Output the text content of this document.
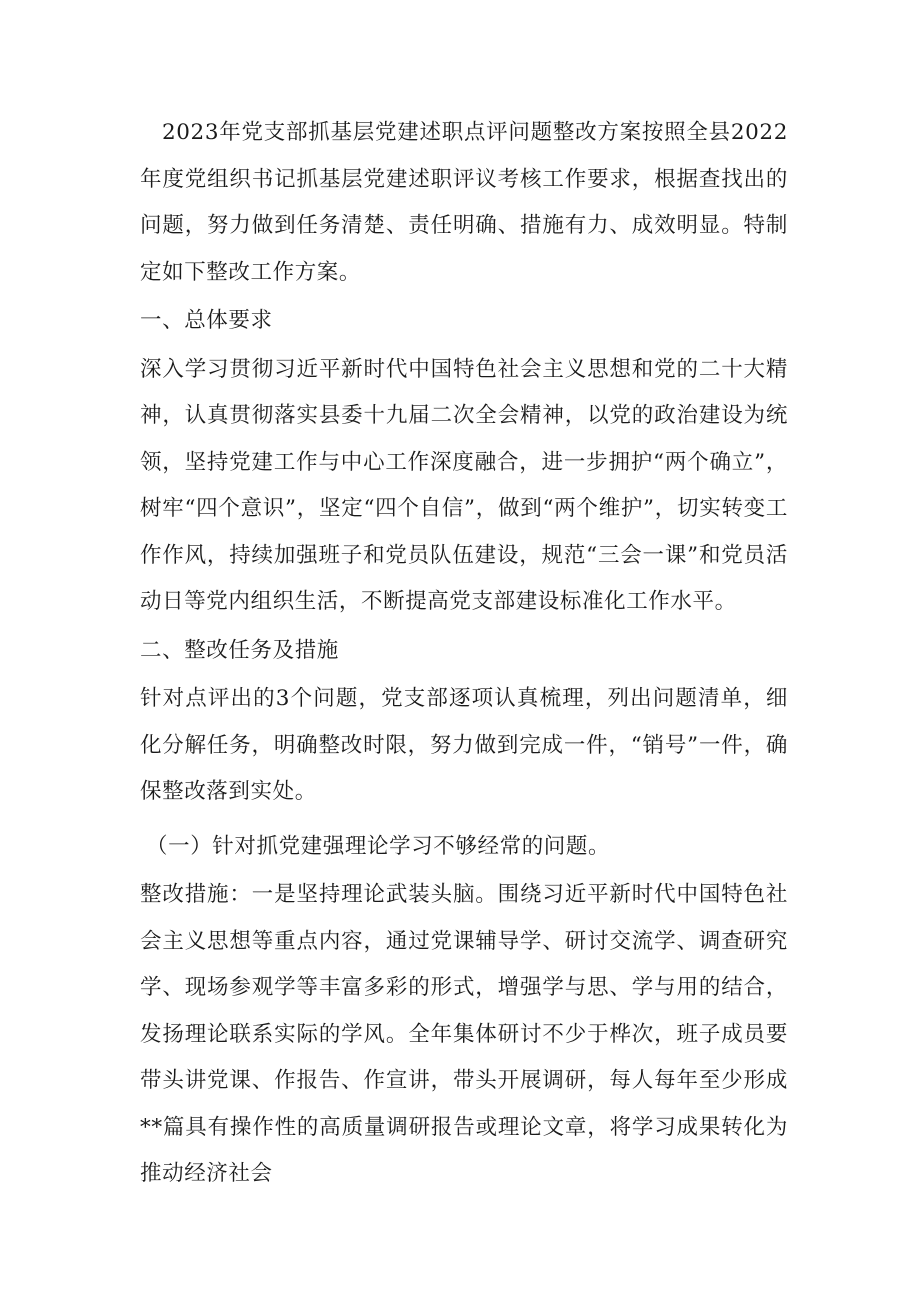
2023年党支部抓基层党建述职点评问题整改方案按照全县2022年度党组织书记抓基层党建述职评议考核工作要求，根据查找出的问题，努力做到任务清楚、责任明确、措施有力、成效明显。特制定如下整改工作方案。

一、总体要求

深入学习贯彻习近平新时代中国特色社会主义思想和党的二十大精神，认真贯彻落实县委十九届二次全会精神，以党的政治建设为统领，坚持党建工作与中心工作深度融合，进一步拥护“两个确立”，树牢“四个意识”，坚定“四个自信”，做到“两个维护”，切实转变工作作风，持续加强班子和党员队伍建设，规范“三会一课”和党员活动日等党内组织生活，不断提高党支部建设标准化工作水平。

二、整改任务及措施

针对点评出的3个问题，党支部逐项认真梳理，列出问题清单，细化分解任务，明确整改时限，努力做到完成一件，“销号”一件，确保整改落到实处。

（一）针对抓党建强理论学习不够经常的问题。

整改措施：一是坚持理论武装头脑。围绕习近平新时代中国特色社会主义思想等重点内容，通过党课辅导学、研讨交流学、调查研究学、现场参观学等丰富多彩的形式，增强学与思、学与用的结合，发扬理论联系实际的学风。全年集体研讨不少于桦次，班子成员要带头讲党课、作报告、作宣讲，带头开展调研，每人每年至少形成**篇具有操作性的高质量调研报告或理论文章，将学习成果转化为推动经济社会
